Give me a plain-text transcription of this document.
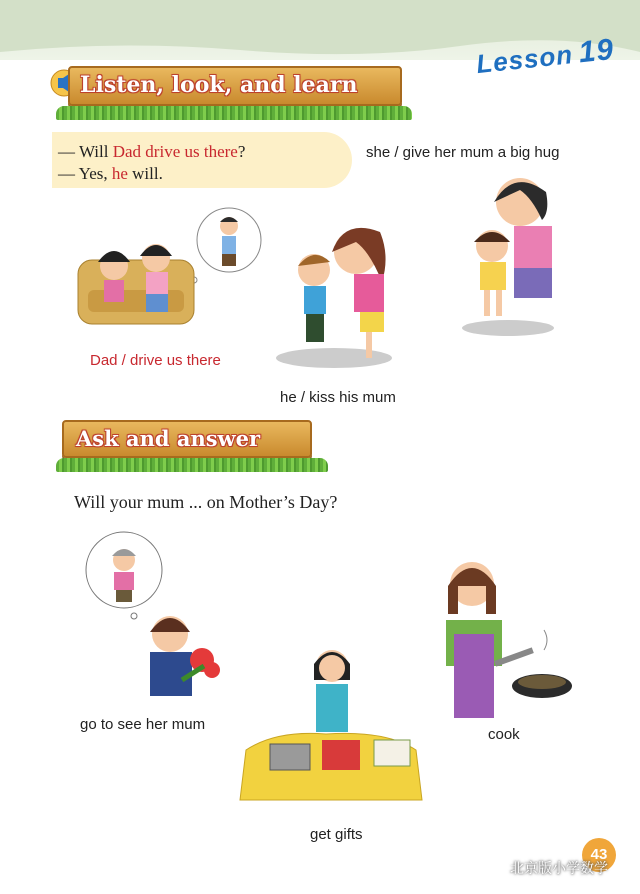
Lesson19
Listen, look, and learn
— Will Dad drive us there?
— Yes, he will.
Dad / drive us there
he / kiss his mum
she / give her mum a big hug
Ask and answer
Will your mum ... on Mother’s Day?
go to see her mum
get gifts
cook
43
北京版小学数学
